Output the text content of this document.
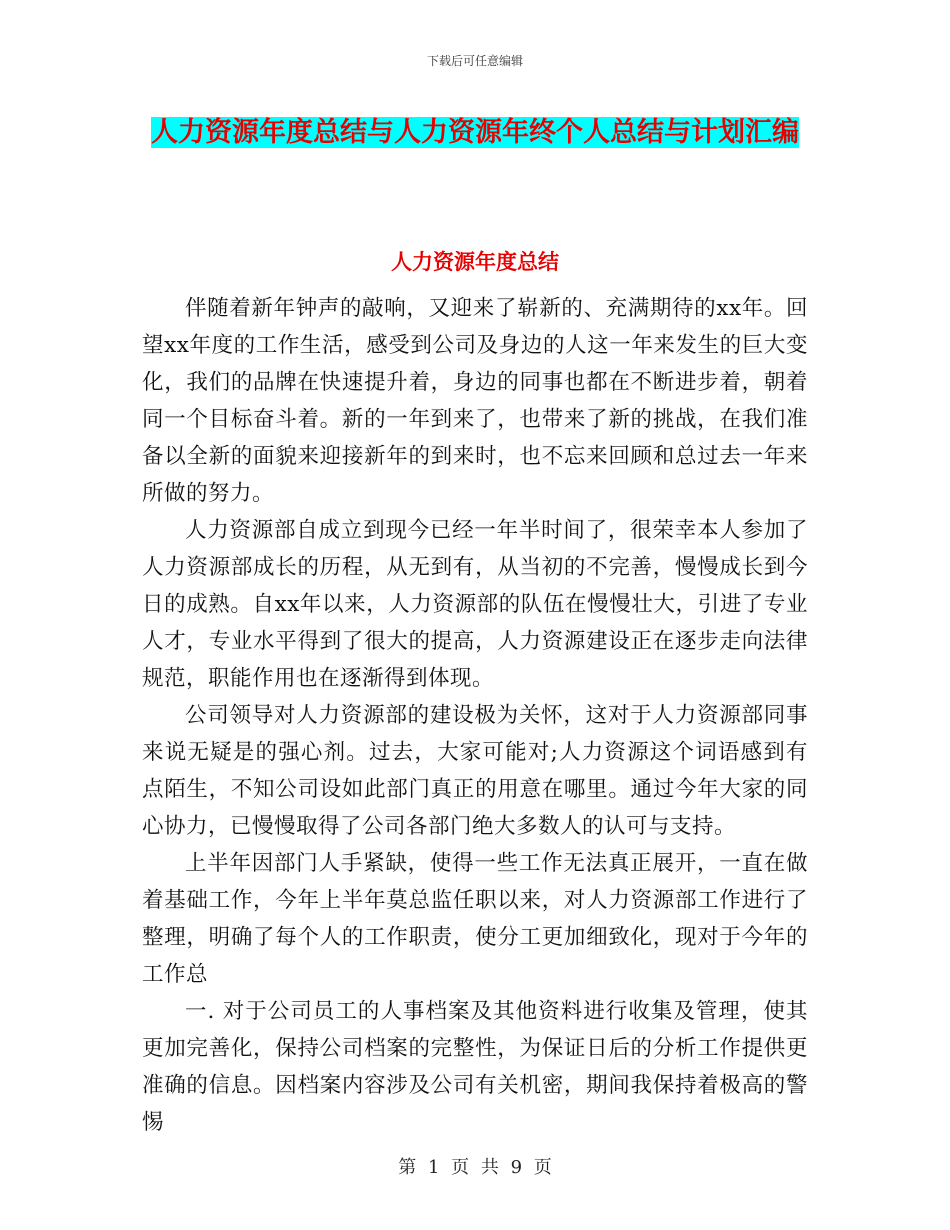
下载后可任意编辑
人力资源年度总结与人力资源年终个人总结与计划汇编
人力资源年度总结

伴随着新年钟声的敲响，又迎来了崭新的、充满期待的xx年。回望xx年度的工作生活，感受到公司及身边的人这一年来发生的巨大变化，我们的品牌在快速提升着，身边的同事也都在不断进步着，朝着同一个目标奋斗着。新的一年到来了，也带来了新的挑战，在我们准备以全新的面貌来迎接新年的到来时，也不忘来回顾和总过去一年来所做的努力。

人力资源部自成立到现今已经一年半时间了，很荣幸本人参加了人力资源部成长的历程，从无到有，从当初的不完善，慢慢成长到今日的成熟。自xx年以来，人力资源部的队伍在慢慢壮大，引进了专业人才，专业水平得到了很大的提高，人力资源建设正在逐步走向法律规范，职能作用也在逐渐得到体现。

公司领导对人力资源部的建设极为关怀，这对于人力资源部同事来说无疑是的强心剂。过去，大家可能对;人力资源这个词语感到有点陌生，不知公司设如此部门真正的用意在哪里。通过今年大家的同心协力，已慢慢取得了公司各部门绝大多数人的认可与支持。

上半年因部门人手紧缺，使得一些工作无法真正展开，一直在做着基础工作，今年上半年莫总监任职以来，对人力资源部工作进行了整理，明确了每个人的工作职责，使分工更加细致化，现对于今年的工作总

一. 对于公司员工的人事档案及其他资料进行收集及管理，使其更加完善化，保持公司档案的完整性，为保证日后的分析工作提供更准确的信息。因档案内容涉及公司有关机密，期间我保持着极高的警惕

第 1 页 共 9 页
